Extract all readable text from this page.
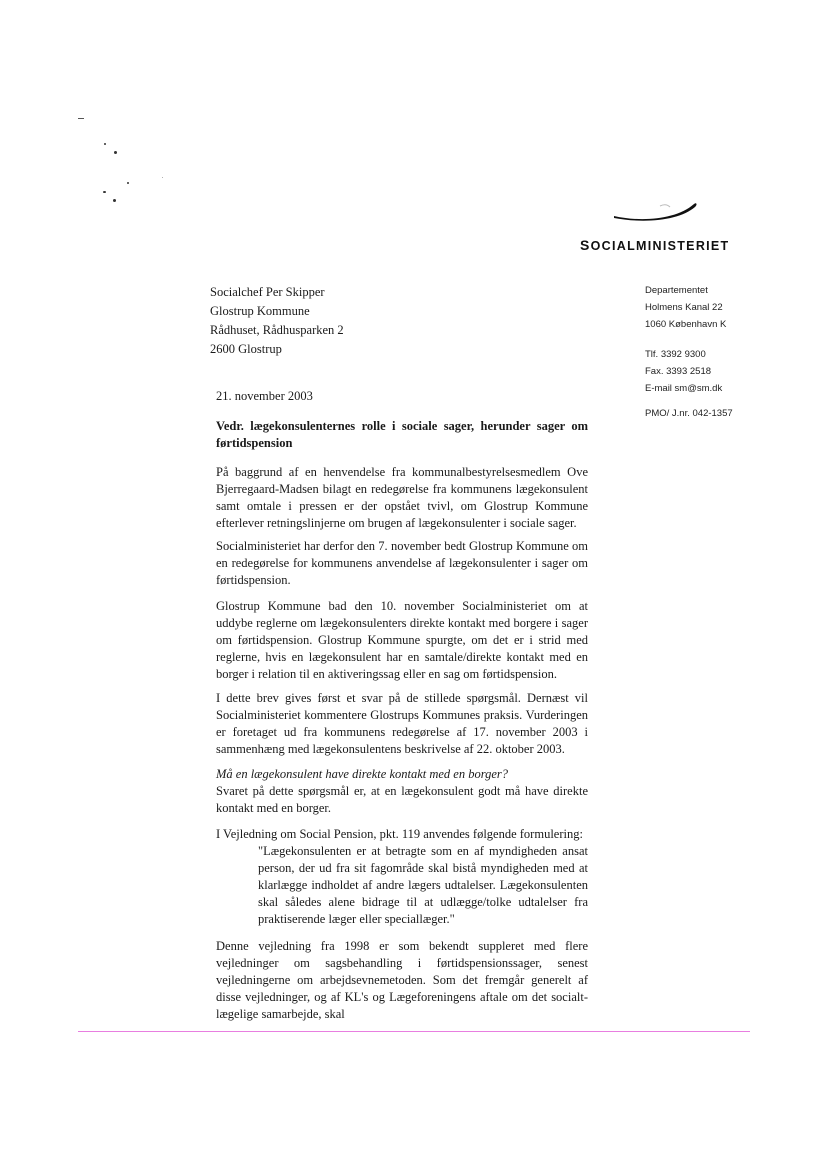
SOCIALMINISTERIET
Departementet
Holmens Kanal 22
1060 København K
Tlf. 3392 9300
Fax. 3393 2518
E-mail sm@sm.dk
PMO/ J.nr. 042-1357
Socialchef Per Skipper
Glostrup Kommune
Rådhuset, Rådhusparken 2
2600 Glostrup
21. november 2003
Vedr. lægekonsulenternes rolle i sociale sager, herunder sager om førtidspension
På baggrund af en henvendelse fra kommunalbestyrelsesmedlem Ove Bjerregaard-Madsen bilagt en redegørelse fra kommunens lægekonsulent samt omtale i pressen er der opstået tvivl, om Glostrup Kommune efterlever retningslinjerne om brugen af lægekonsulenter i sociale sager.
Socialministeriet har derfor den 7. november bedt Glostrup Kommune om en redegørelse for kommunens anvendelse af lægekonsulenter i sager om førtidspension.
Glostrup Kommune bad den 10. november Socialministeriet om at uddybe reglerne om lægekonsulenters direkte kontakt med borgere i sager om førtidspension. Glostrup Kommune spurgte, om det er i strid med reglerne, hvis en lægekonsulent har en samtale/direkte kontakt med en borger i relation til en aktiveringssag eller en sag om førtidspension.
I dette brev gives først et svar på de stillede spørgsmål. Dernæst vil Socialministeriet kommentere Glostrups Kommunes praksis. Vurderingen er foretaget ud fra kommunens redegørelse af 17. november 2003 i sammenhæng med lægekonsulentens beskrivelse af 22. oktober 2003.
Må en lægekonsulent have direkte kontakt med en borger?
Svaret på dette spørgsmål er, at en lægekonsulent godt må have direkte kontakt med en borger.
I Vejledning om Social Pension, pkt. 119 anvendes følgende formulering:
"Lægekonsulenten er at betragte som en af myndigheden ansat person, der ud fra sit fagområde skal bistå myndigheden med at klarlægge indholdet af andre lægers udtalelser. Lægekonsulenten skal således alene bidrage til at udlægge/tolke udtalelser fra praktiserende læger eller speciallæger."
Denne vejledning fra 1998 er som bekendt suppleret med flere vejledninger om sagsbehandling i førtidspensionssager, senest vejledningerne om arbejdsevnemetoden. Som det fremgår generelt af disse vejledninger, og af KL's og Lægeforeningens aftale om det socialt-lægelige samarbejde, skal
